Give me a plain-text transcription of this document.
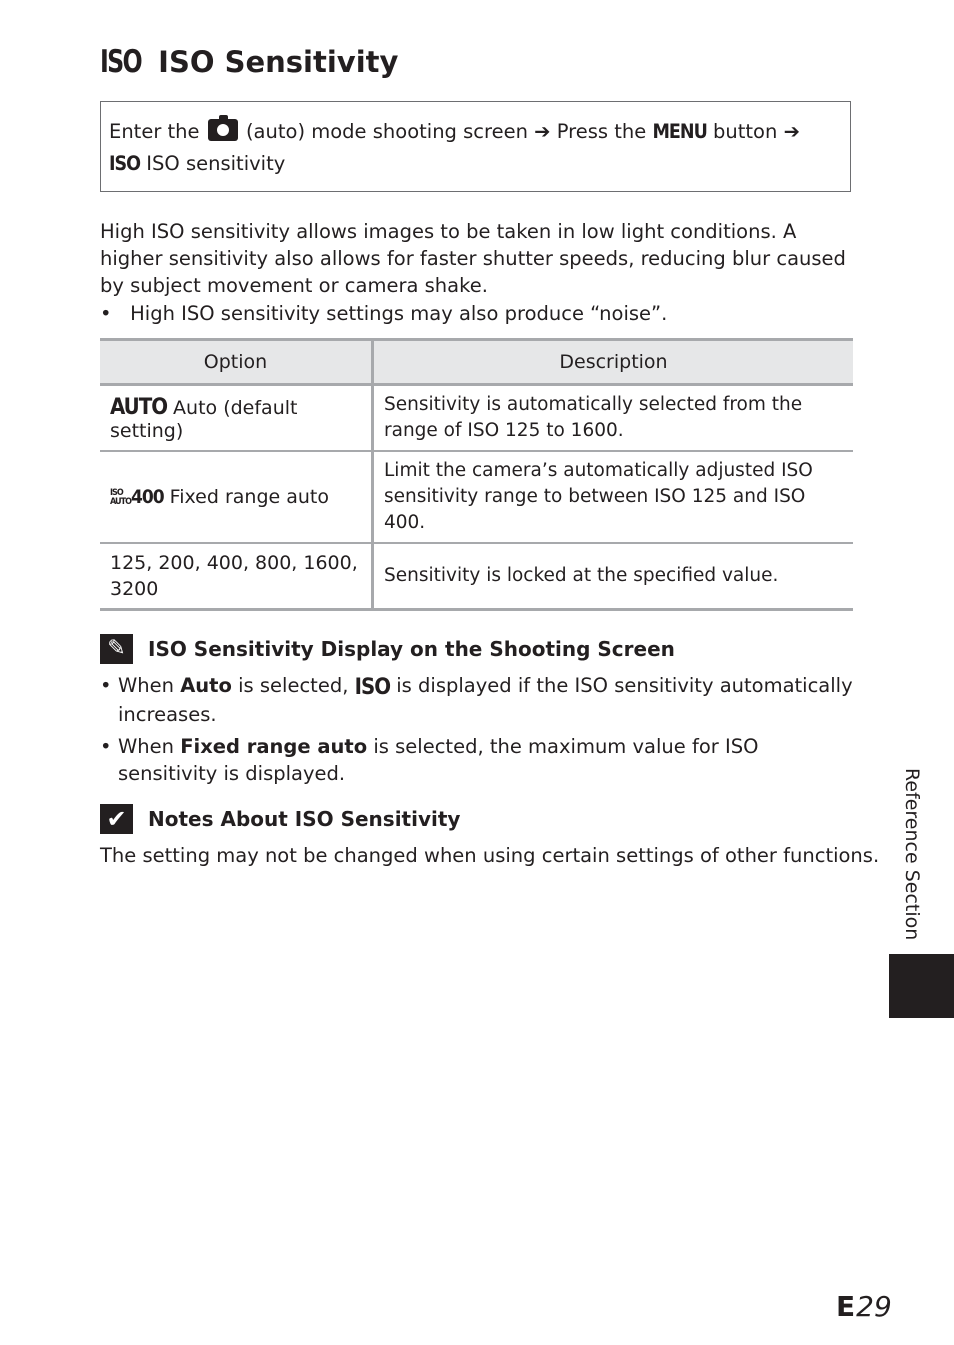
ISO ISO Sensitivity
Enter the (auto) mode shooting screen ➔ Press the MENU button ➔
ISO ISO sensitivity

High ISO sensitivity allows images to be taken in low light conditions. A higher sensitivity also allows for faster shutter speeds, reducing blur caused by subject movement or camera shake.

•   High ISO sensitivity settings may also produce “noise”.

Option	Description
AUTO Auto (default setting)	Sensitivity is automatically selected from the range of ISO 125 to 1600.

ISO
AUTO 400 Fixed range auto	Limit the camera’s automatically adjusted ISO sensitivity range to between ISO 125 and ISO 400.
125, 200, 400, 800, 1600, 3200	Sensitivity is locked at the specified value.
✎	ISO Sensitivity Display on the Shooting Screen
• When Auto is selected, ISO is displayed if the ISO sensitivity automatically increases.
• When Fixed range auto is selected, the maximum value for ISO sensitivity is displayed.
✔	Notes About ISO Sensitivity

The setting may not be changed when using certain settings of other functions.	Reference Section
E 29
